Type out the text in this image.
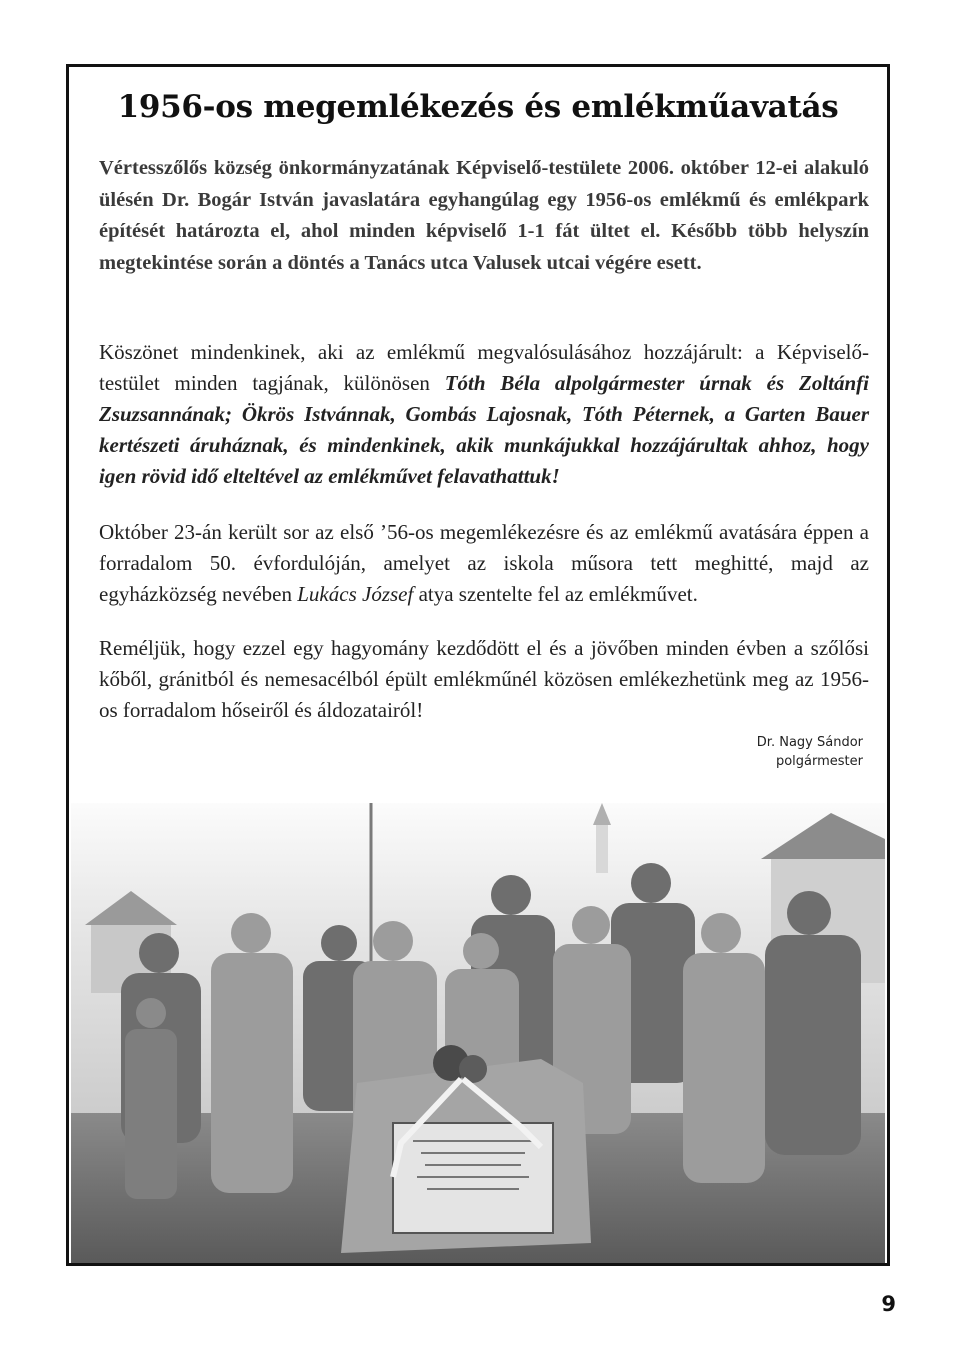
1956-os megemlékezés és emlékműavatás

Vértesszőlős község önkormányzatának Képviselő-testülete 2006. október 12-ei alakuló ülésén Dr. Bogár István javaslatára egyhangúlag egy 1956-os emlékmű és emlékpark építését határozta el, ahol minden képviselő 1-1 fát ültet el. Később több helyszín megtekintése során a döntés a Tanács utca Valusek utcai végére esett.

Köszönet mindenkinek, aki az emlékmű megvalósulásához hozzájárult: a Képviselő-testület minden tagjának, különösen Tóth Béla alpolgármester úrnak és Zoltánfi Zsuzsannának; Ökrös Istvánnak, Gombás Lajosnak, Tóth Péternek, a Garten Bauer kertészeti áruháznak, és mindenkinek, akik munkájukkal hozzájárultak ahhoz, hogy igen rövid idő elteltével az emlékművet felavathattuk!

Október 23-án került sor az első ’56-os megemlékezésre és az emlékmű avatására éppen a forradalom 50. évfordulóján, amelyet az iskola műsora tett meghitté, majd az egyházközség nevében Lukács József atya szentelte fel az emlékművet.

Reméljük, hogy ezzel egy hagyomány kezdődött el és a jövőben minden évben a szőlősi kőből, gránitból és nemesacélból épült emlékműnél közösen emlékezhetünk meg az 1956-os forradalom hőseiről és áldozatairól!

Dr. Nagy Sándor
polgármester
9
